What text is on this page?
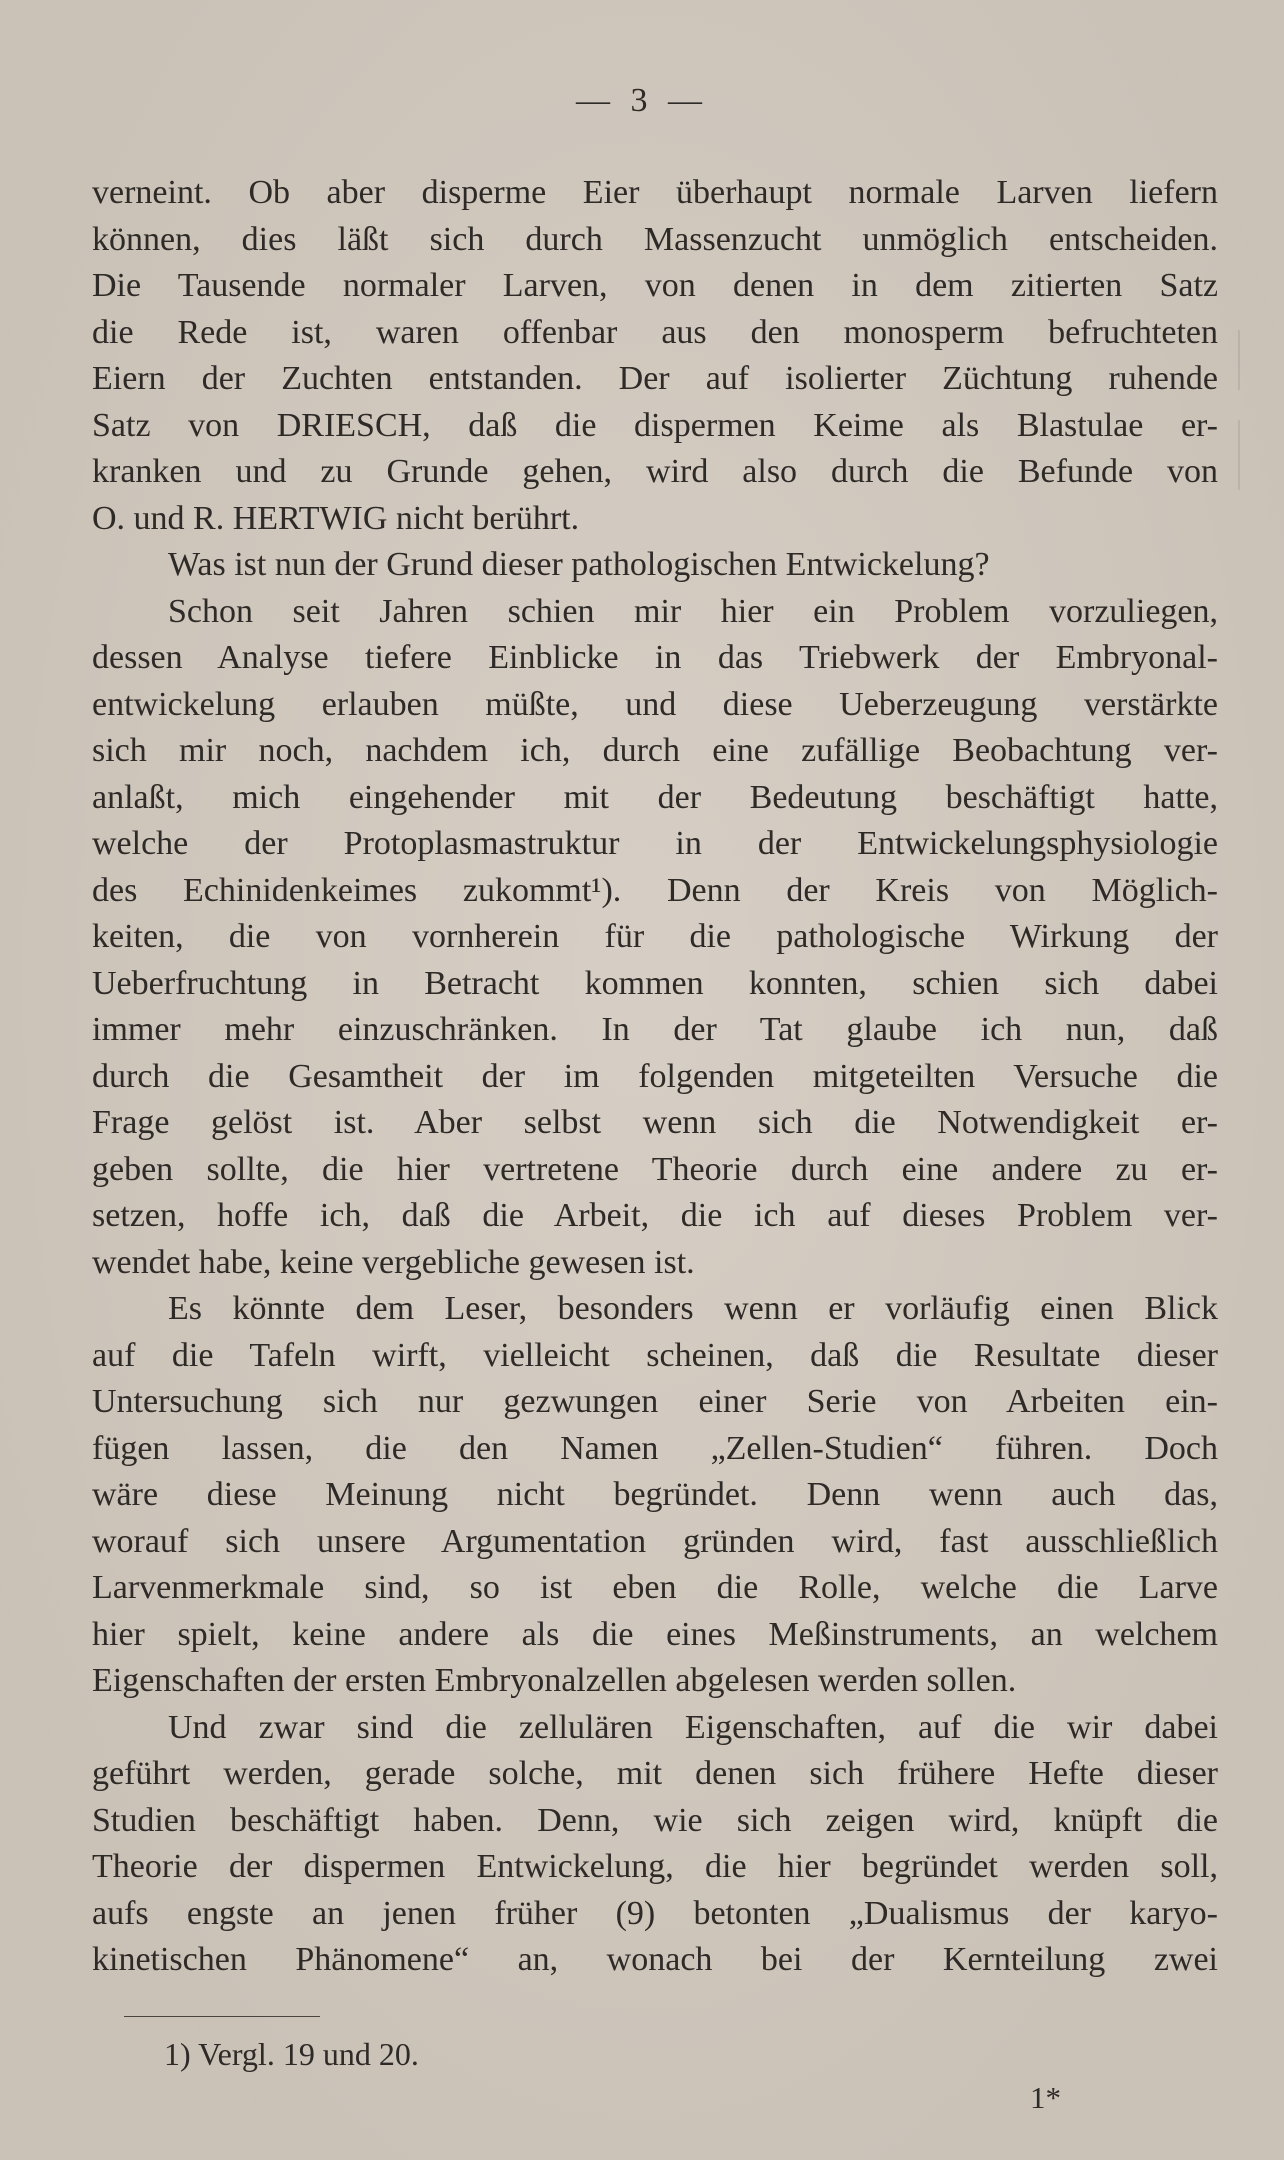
— 3 —
verneint. Ob aber disperme Eier überhaupt normale Larven liefern
können, dies läßt sich durch Massenzucht unmöglich entscheiden.
Die Tausende normaler Larven, von denen in dem zitierten Satz
die Rede ist, waren offenbar aus den monosperm befruchteten
Eiern der Zuchten entstanden. Der auf isolierter Züchtung ruhende
Satz von DRIESCH, daß die dispermen Keime als Blastulae er-
kranken und zu Grunde gehen, wird also durch die Befunde von
O. und R. HERTWIG nicht berührt.
Was ist nun der Grund dieser pathologischen Entwickelung?
Schon seit Jahren schien mir hier ein Problem vorzuliegen,
dessen Analyse tiefere Einblicke in das Triebwerk der Embryonal-
entwickelung erlauben müßte, und diese Ueberzeugung verstärkte
sich mir noch, nachdem ich, durch eine zufällige Beobachtung ver-
anlaßt, mich eingehender mit der Bedeutung beschäftigt hatte,
welche der Protoplasmastruktur in der Entwickelungsphysiologie
des Echinidenkeimes zukommt¹). Denn der Kreis von Möglich-
keiten, die von vornherein für die pathologische Wirkung der
Ueberfruchtung in Betracht kommen konnten, schien sich dabei
immer mehr einzuschränken. In der Tat glaube ich nun, daß
durch die Gesamtheit der im folgenden mitgeteilten Versuche die
Frage gelöst ist. Aber selbst wenn sich die Notwendigkeit er-
geben sollte, die hier vertretene Theorie durch eine andere zu er-
setzen, hoffe ich, daß die Arbeit, die ich auf dieses Problem ver-
wendet habe, keine vergebliche gewesen ist.
Es könnte dem Leser, besonders wenn er vorläufig einen Blick
auf die Tafeln wirft, vielleicht scheinen, daß die Resultate dieser
Untersuchung sich nur gezwungen einer Serie von Arbeiten ein-
fügen lassen, die den Namen „Zellen-Studien“ führen. Doch
wäre diese Meinung nicht begründet. Denn wenn auch das,
worauf sich unsere Argumentation gründen wird, fast ausschließlich
Larvenmerkmale sind, so ist eben die Rolle, welche die Larve
hier spielt, keine andere als die eines Meßinstruments, an welchem
Eigenschaften der ersten Embryonalzellen abgelesen werden sollen.
Und zwar sind die zellulären Eigenschaften, auf die wir dabei
geführt werden, gerade solche, mit denen sich frühere Hefte dieser
Studien beschäftigt haben. Denn, wie sich zeigen wird, knüpft die
Theorie der dispermen Entwickelung, die hier begründet werden soll,
aufs engste an jenen früher (9) betonten „Dualismus der karyo-
kinetischen Phänomene“ an, wonach bei der Kernteilung zwei
1) Vergl. 19 und 20.
1*
